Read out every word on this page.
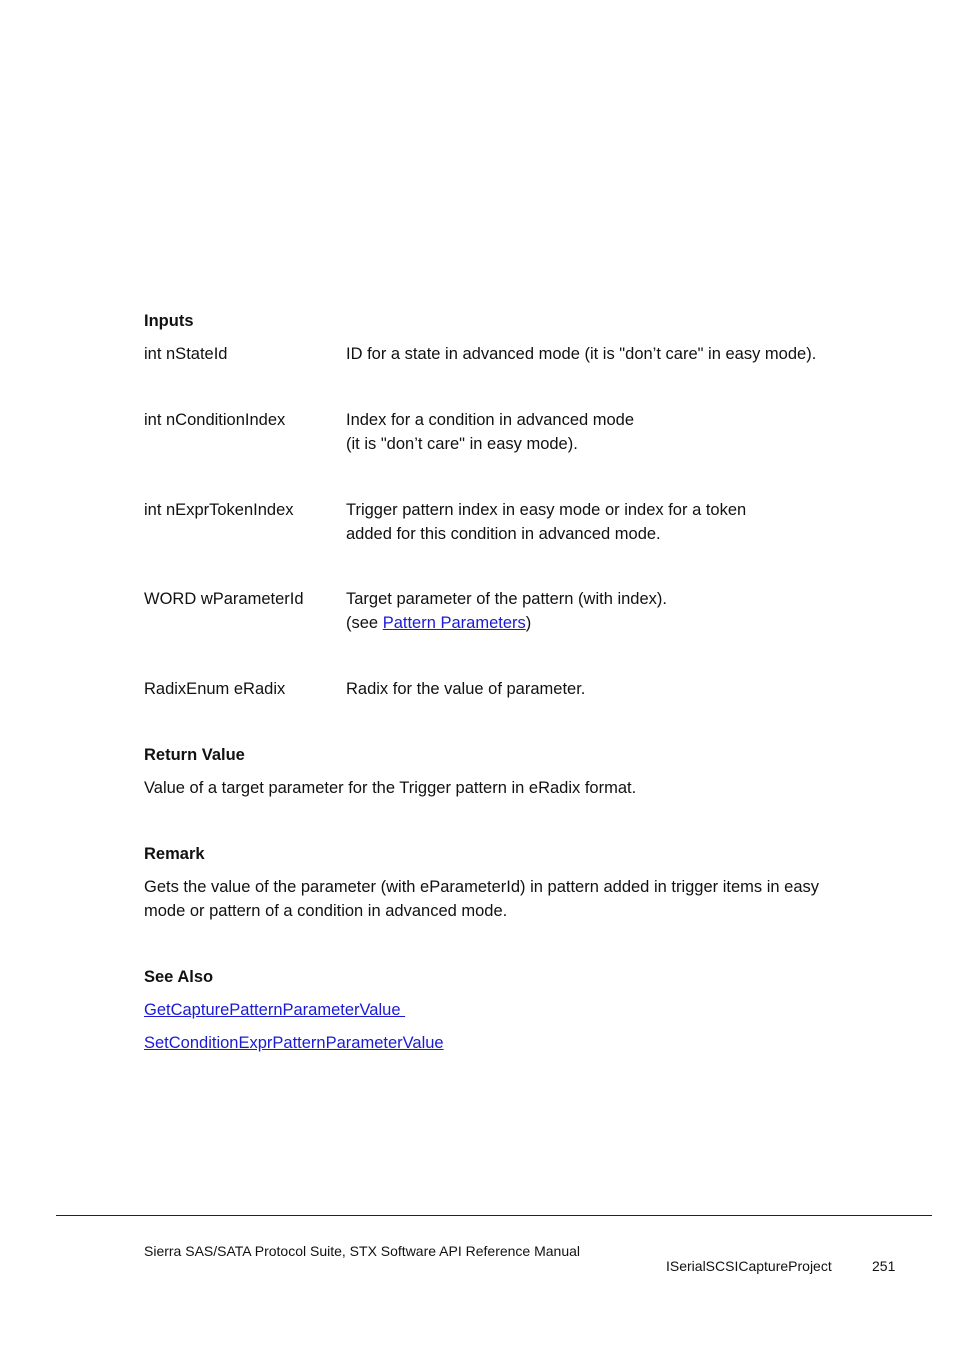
Inputs
int nStateId	ID for a state in advanced mode (it is "don’t care" in easy mode).
int nConditionIndex	Index for a condition in advanced mode
(it is "don’t care" in easy mode).
int nExprTokenIndex	Trigger pattern index in easy mode or index for a token
added for this condition in advanced mode.
WORD wParameterId	Target parameter of the pattern (with index).
(see Pattern Parameters)
RadixEnum eRadix	Radix for the value of parameter.
Return Value

Value of a target parameter for the Trigger pattern in eRadix format.

Remark

Gets the value of the parameter (with eParameterId) in pattern added in trigger items in easy
mode or pattern of a condition in advanced mode.

See Also
GetCapturePatternParameterValue
SetConditionExprPatternParameterValue
Sierra SAS/SATA Protocol Suite, STX Software API Reference Manual
ISerialSCSICaptureProject	251
